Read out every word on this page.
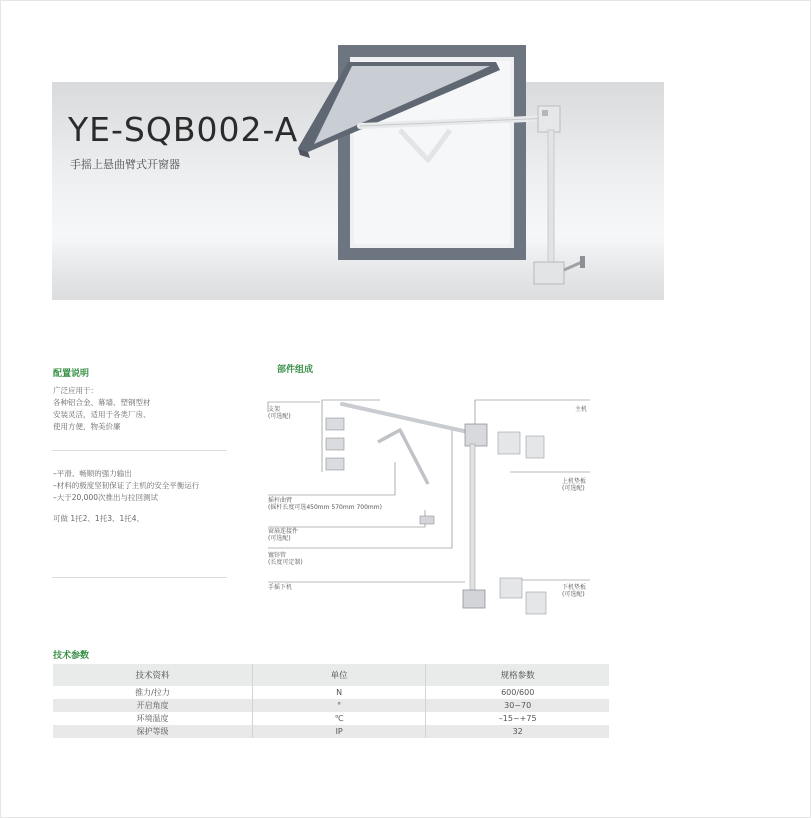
YE-SQB002-A
手摇上悬曲臂式开窗器
配置说明
广泛应用于：
各种铝合金、幕墙、塑钢型材
安装灵活，适用于各类厂房、
使用方便，物美价廉
–平滑、畅顺的强力输出
–材料的极度坚韧保证了主机的安全平衡运行
–大于20,000次推出与拉回测试
可做 1托2、1托3、1托4、
部件组成
支架
(可选配)
主机
摇杆曲臂
(摇杆长度可选450mm 570mm 700mm)
上机垫板
(可选配)
窗扇连接件
(可选配)
镀锌管
(长度可定制)
手摇下机	下机垫板
(可选配)
技术参数
技术资料	单位	规格参数
推力/拉力	N	600/600
开启角度	°	30~70
环境温度	℃	–15~+75
保护等级	IP	32
